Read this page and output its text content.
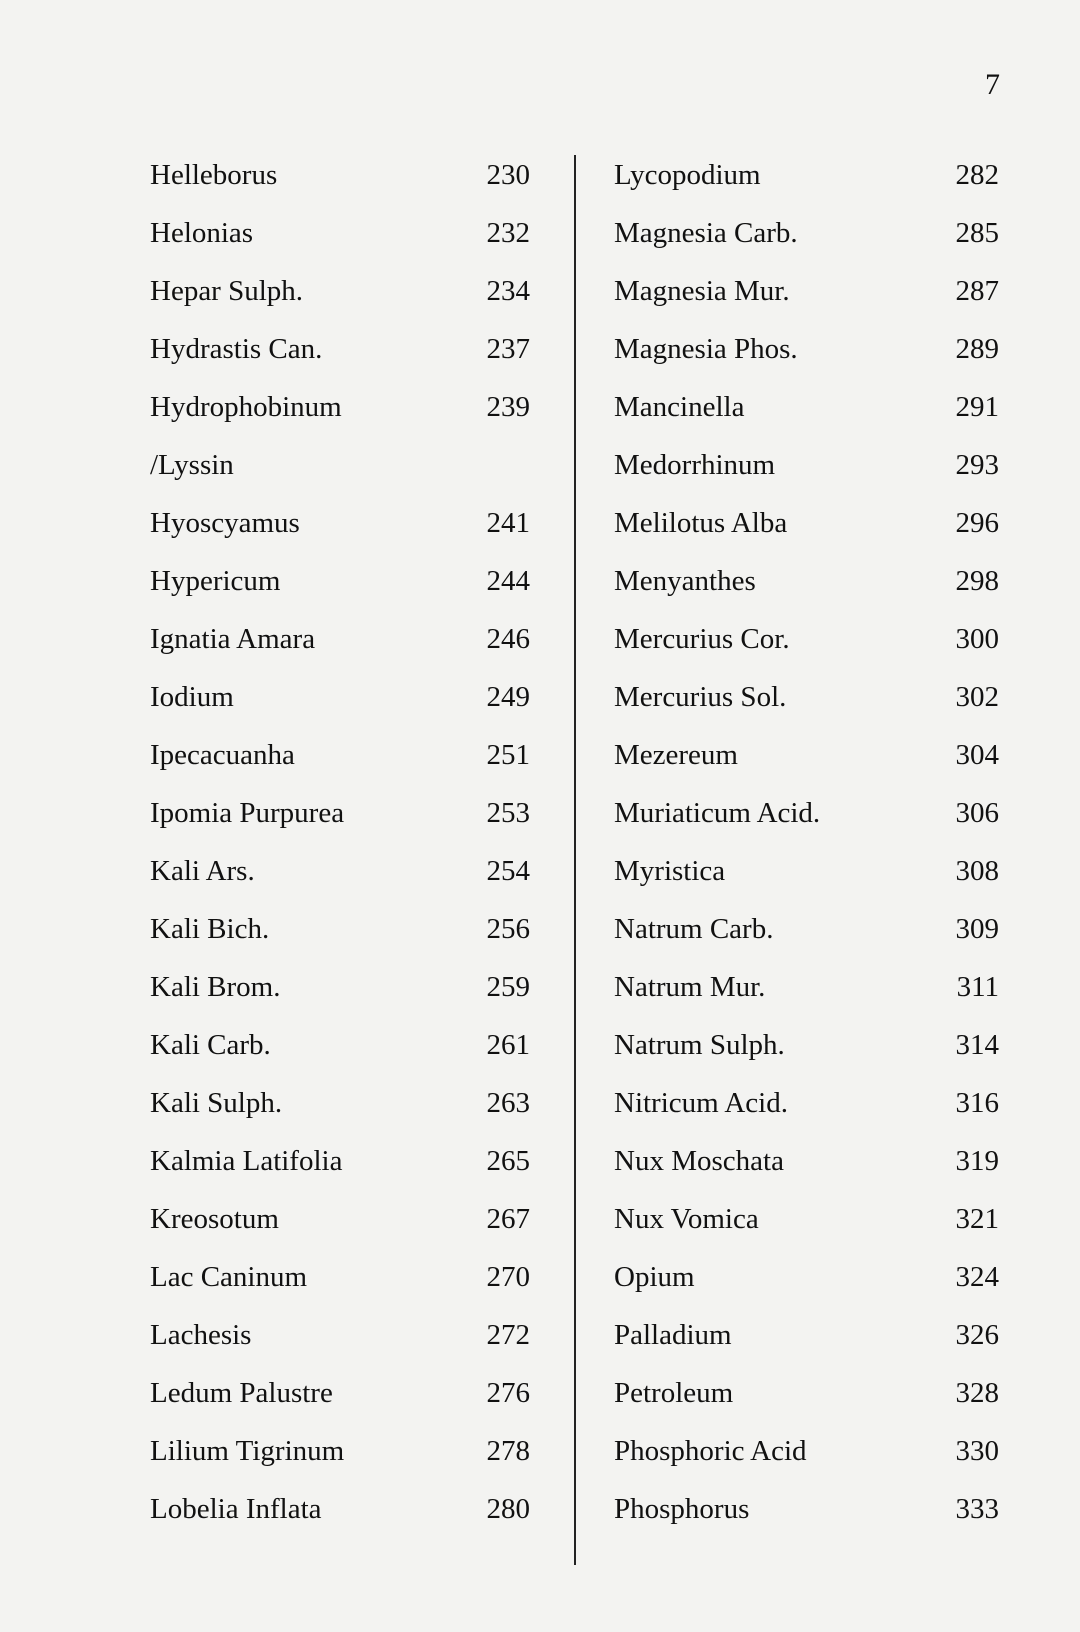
7
Helleborus	230
Helonias	232
Hepar Sulph.	234
Hydrastis Can.	237
Hydrophobinum	239
/Lyssin
Hyoscyamus	241
Hypericum	244
Ignatia Amara	246
Iodium	249
Ipecacuanha	251
Ipomia Purpurea	253
Kali Ars.	254
Kali Bich.	256
Kali Brom.	259
Kali Carb.	261
Kali Sulph.	263
Kalmia Latifolia	265
Kreosotum	267
Lac Caninum	270
Lachesis	272
Ledum Palustre	276
Lilium Tigrinum	278
Lobelia Inflata	280
Lycopodium	282
Magnesia Carb.	285
Magnesia Mur.	287
Magnesia Phos.	289
Mancinella	291
Medorrhinum	293
Melilotus Alba	296
Menyanthes	298
Mercurius Cor.	300
Mercurius Sol.	302
Mezereum	304
Muriaticum Acid.	306
Myristica	308
Natrum Carb.	309
Natrum Mur.	311
Natrum Sulph.	314
Nitricum Acid.	316
Nux Moschata	319
Nux Vomica	321
Opium	324
Palladium	326
Petroleum	328
Phosphoric Acid	330
Phosphorus	333
